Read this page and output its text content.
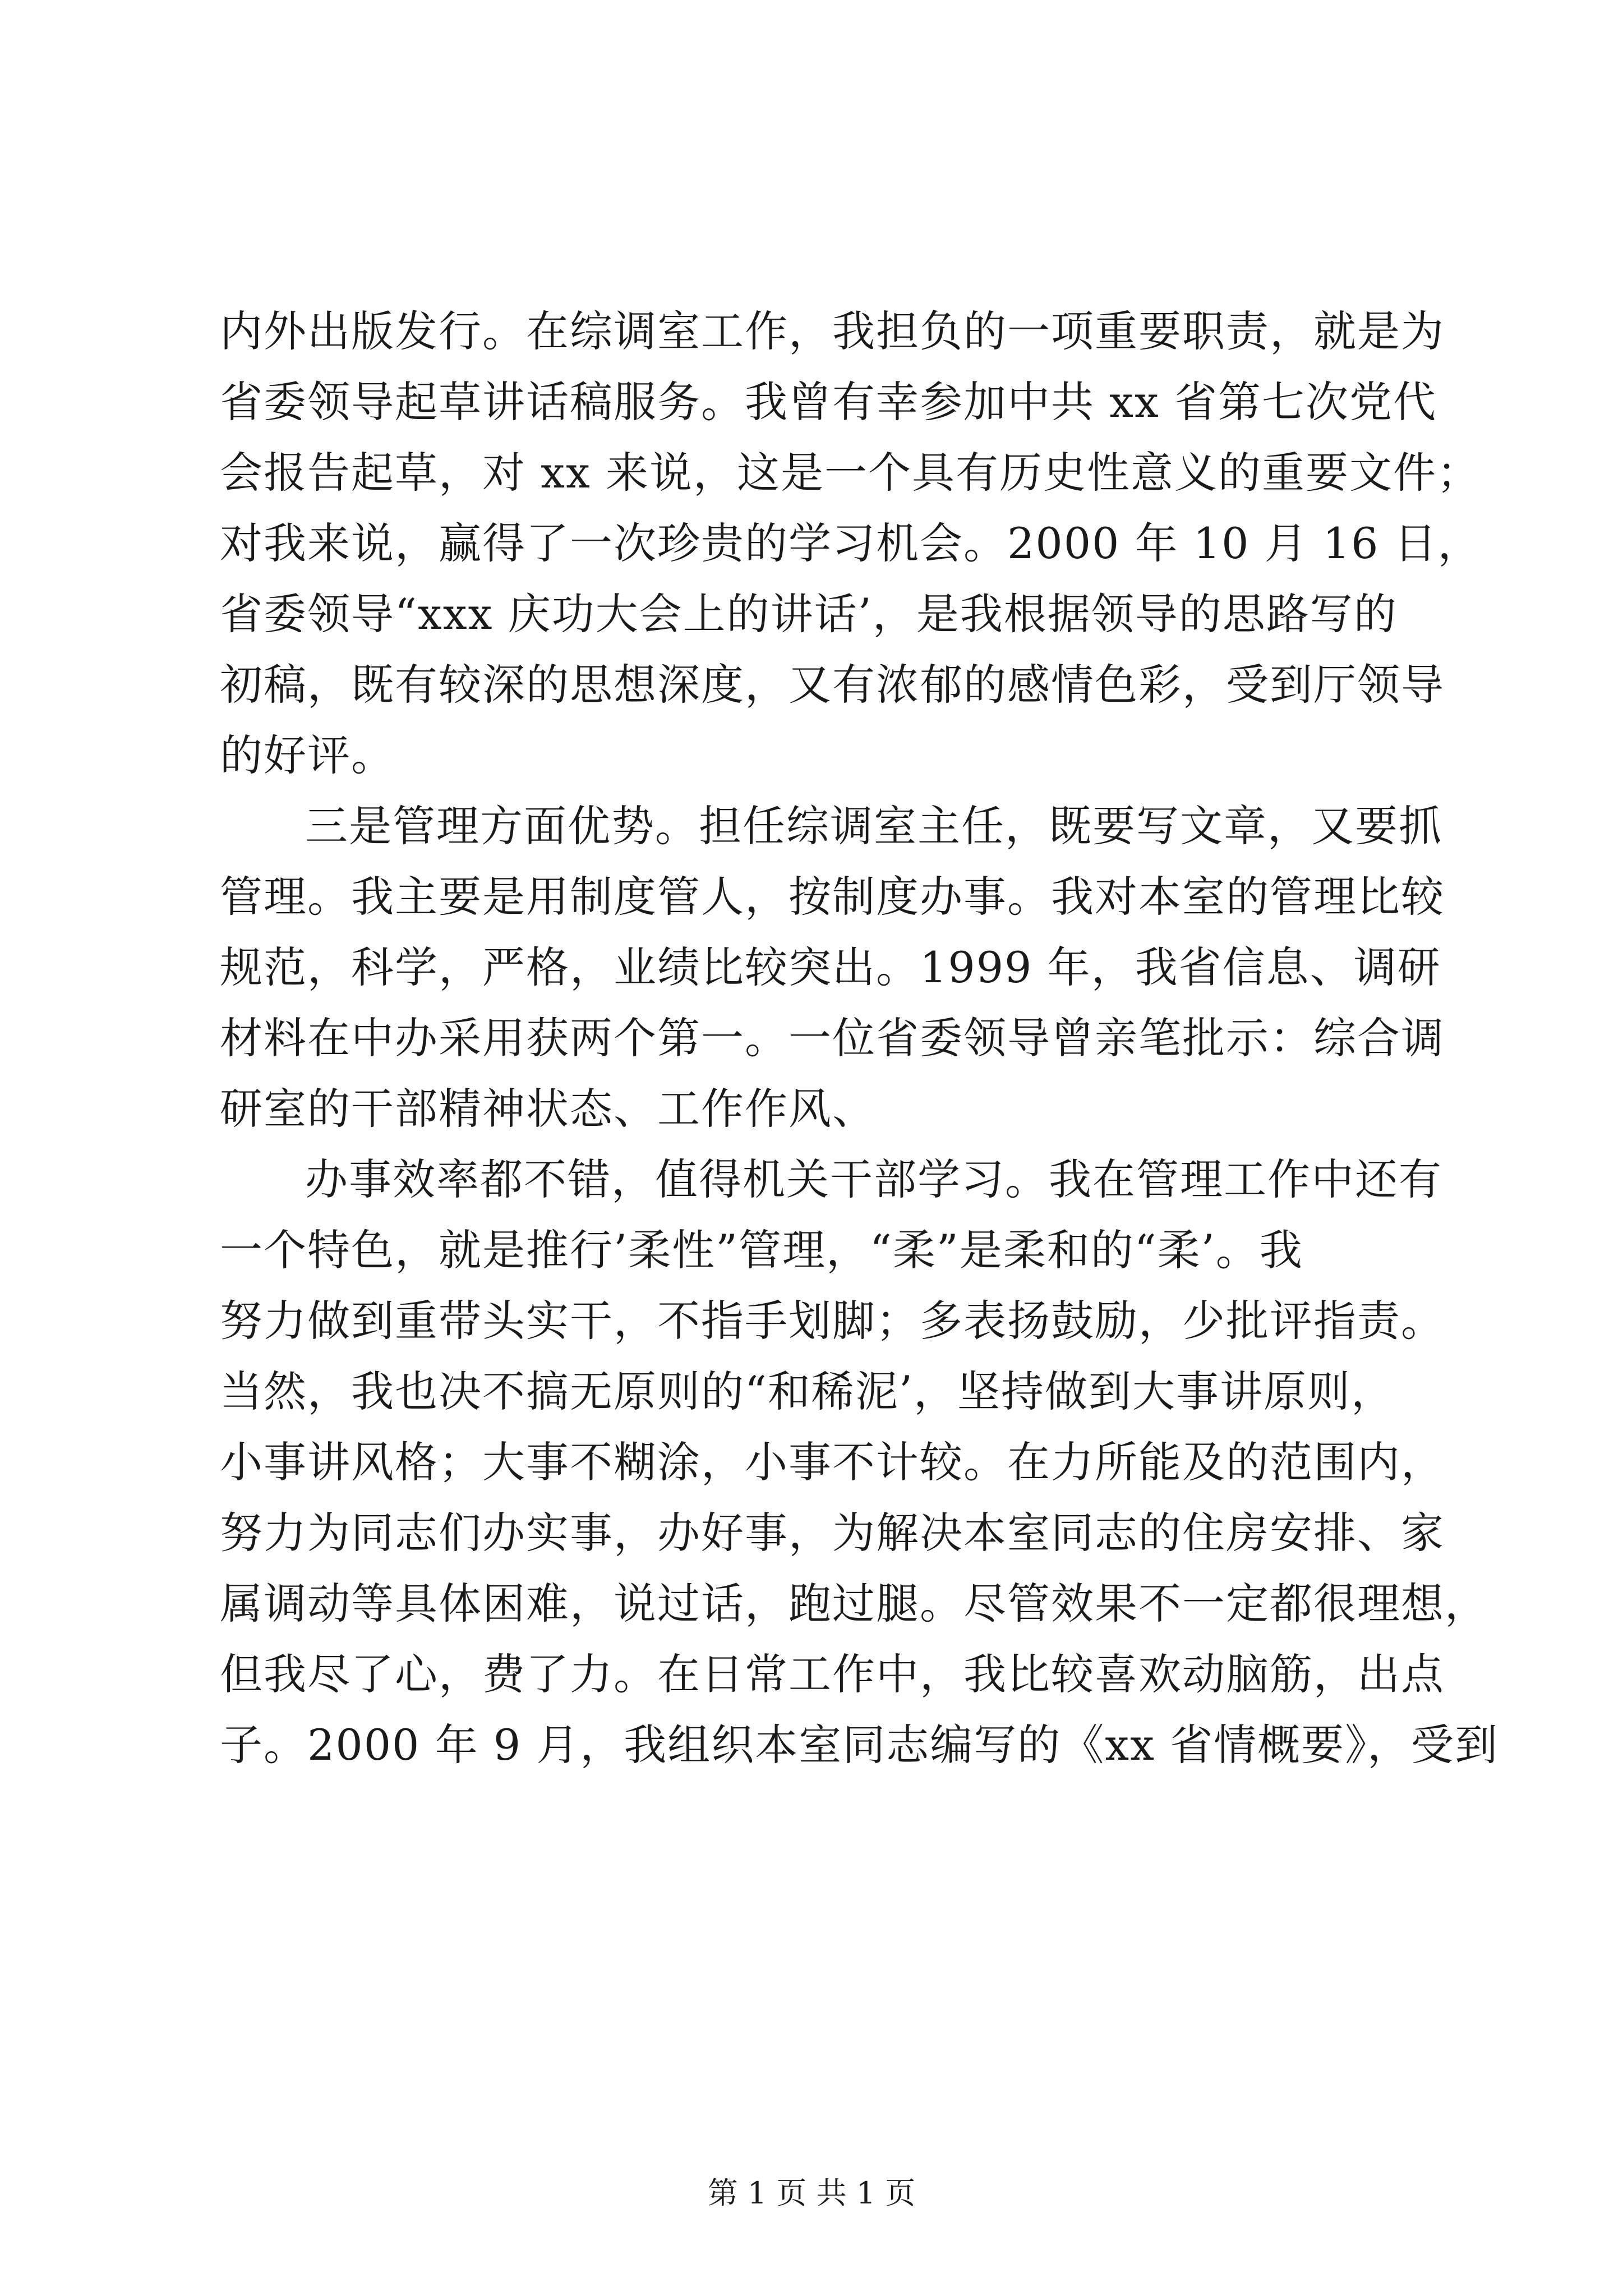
内外出版发行。在综调室工作，我担负的一项重要职责，就是为
省委领导起草讲话稿服务。我曾有幸参加中共 xx 省第七次党代
会报告起草，对 xx 来说，这是一个具有历史性意义的重要文件；
对我来说，赢得了一次珍贵的学习机会。2000 年 10 月 16 日，
省委领导“xxx 庆功大会上的讲话’，是我根据领导的思路写的
初稿，既有较深的思想深度，又有浓郁的感情色彩，受到厅领导
的好评。
三是管理方面优势。担任综调室主任，既要写文章，又要抓
管理。我主要是用制度管人，按制度办事。我对本室的管理比较
规范，科学，严格，业绩比较突出。1999 年，我省信息、调研
材料在中办采用获两个第一。一位省委领导曾亲笔批示：综合调
研室的干部精神状态、工作作风、
办事效率都不错，值得机关干部学习。我在管理工作中还有
一个特色，就是推行’柔性”管理，“柔”是柔和的“柔’。我
努力做到重带头实干，不指手划脚；多表扬鼓励，少批评指责。
当然，我也决不搞无原则的“和稀泥’，坚持做到大事讲原则，
小事讲风格；大事不糊涂，小事不计较。在力所能及的范围内，
努力为同志们办实事，办好事，为解决本室同志的住房安排、家
属调动等具体困难，说过话，跑过腿。尽管效果不一定都很理想，
但我尽了心，费了力。在日常工作中，我比较喜欢动脑筋，出点
子。2000 年 9 月，我组织本室同志编写的《xx 省情概要》，受到
第 1 页 共 1 页
